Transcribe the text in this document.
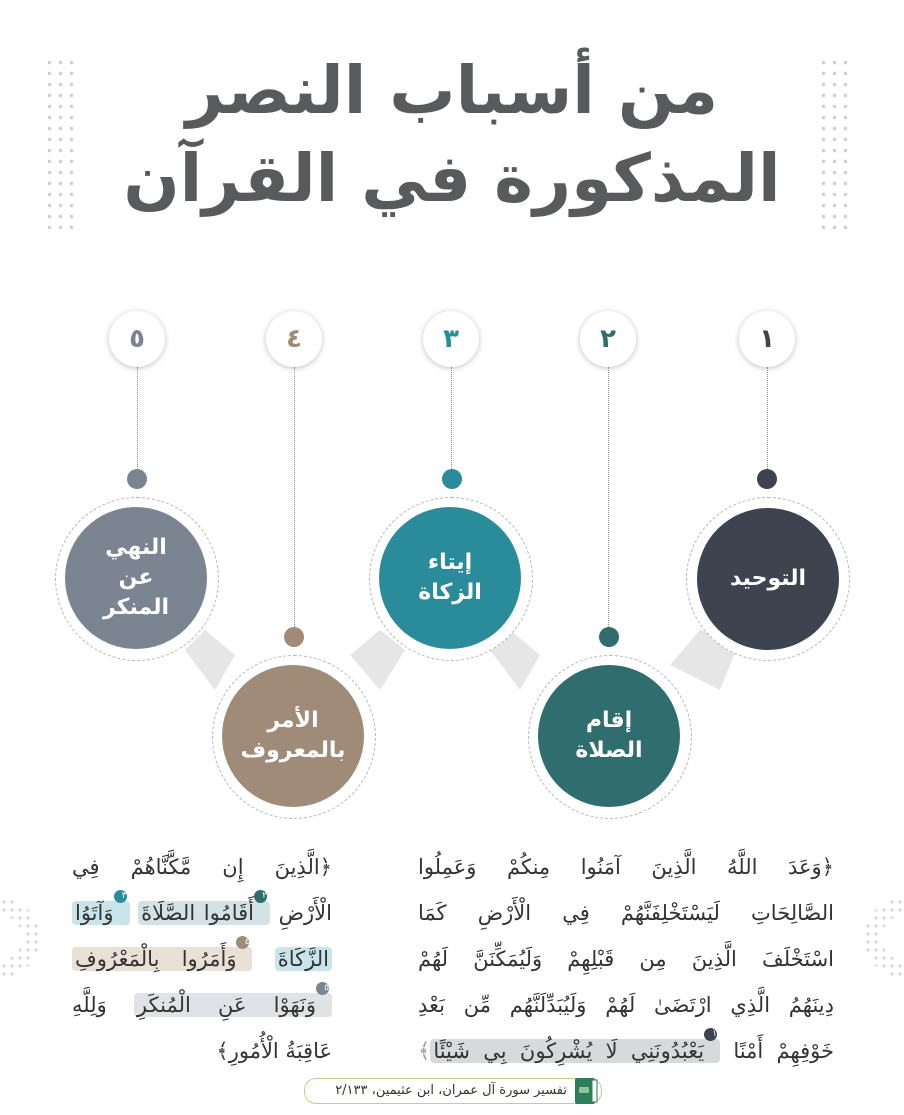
من أسباب النصر
المذكورة في القرآن
١
التوحيد
٢
إقام الصلاة
٣
إيتاء الزكاة
٤
الأمر بالمعروف
٥
النهي عن المنكر
﴿وَعَدَ اللَّهُ الَّذِينَ آمَنُوا مِنكُمْ وَعَمِلُوا
الصَّالِحَاتِ لَيَسْتَخْلِفَنَّهُمْ فِي الْأَرْضِ كَمَا
اسْتَخْلَفَ الَّذِينَ مِن قَبْلِهِمْ وَلَيُمَكِّنَنَّ لَهُمْ
دِينَهُمُ الَّذِي ارْتَضَىٰ لَهُمْ وَلَيُبَدِّلَنَّهُم مِّن بَعْدِ
خَوْفِهِمْ أَمْنًا ١يَعْبُدُونَنِي لَا يُشْرِكُونَ بِي شَيْئًا﴾
﴿الَّذِينَ إِن مَّكَّنَّاهُمْ فِي
الْأَرْضِ ٢أَقَامُوا الصَّلَاةَ ٣وَآتَوُا
الزَّكَاةَ ٤وَأَمَرُوا بِالْمَعْرُوفِ
٥وَنَهَوْا عَنِ الْمُنكَرِ وَلِلَّهِ
عَاقِبَةُ الْأُمُورِ﴾
تفسير سورة آل عمران، ابن عثيمين، ٢/١٣٣
